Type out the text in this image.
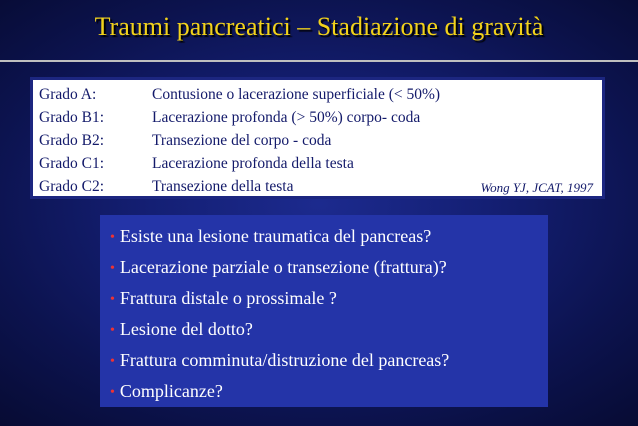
Traumi pancreatici – Stadiazione di gravità
Grado A:	Contusione o lacerazione superficiale (< 50%)
Grado B1:	Lacerazione profonda (> 50%) corpo- coda
Grado B2:	Transezione del corpo - coda
Grado C1:	Lacerazione profonda della testa
Grado C2:	Transezione della testa	Wong YJ, JCAT, 1997
• Esiste una lesione traumatica del pancreas?
• Lacerazione parziale o transezione (frattura)?
• Frattura distale o prossimale ?
• Lesione del dotto?
• Frattura comminuta/distruzione del pancreas?
• Complicanze?
